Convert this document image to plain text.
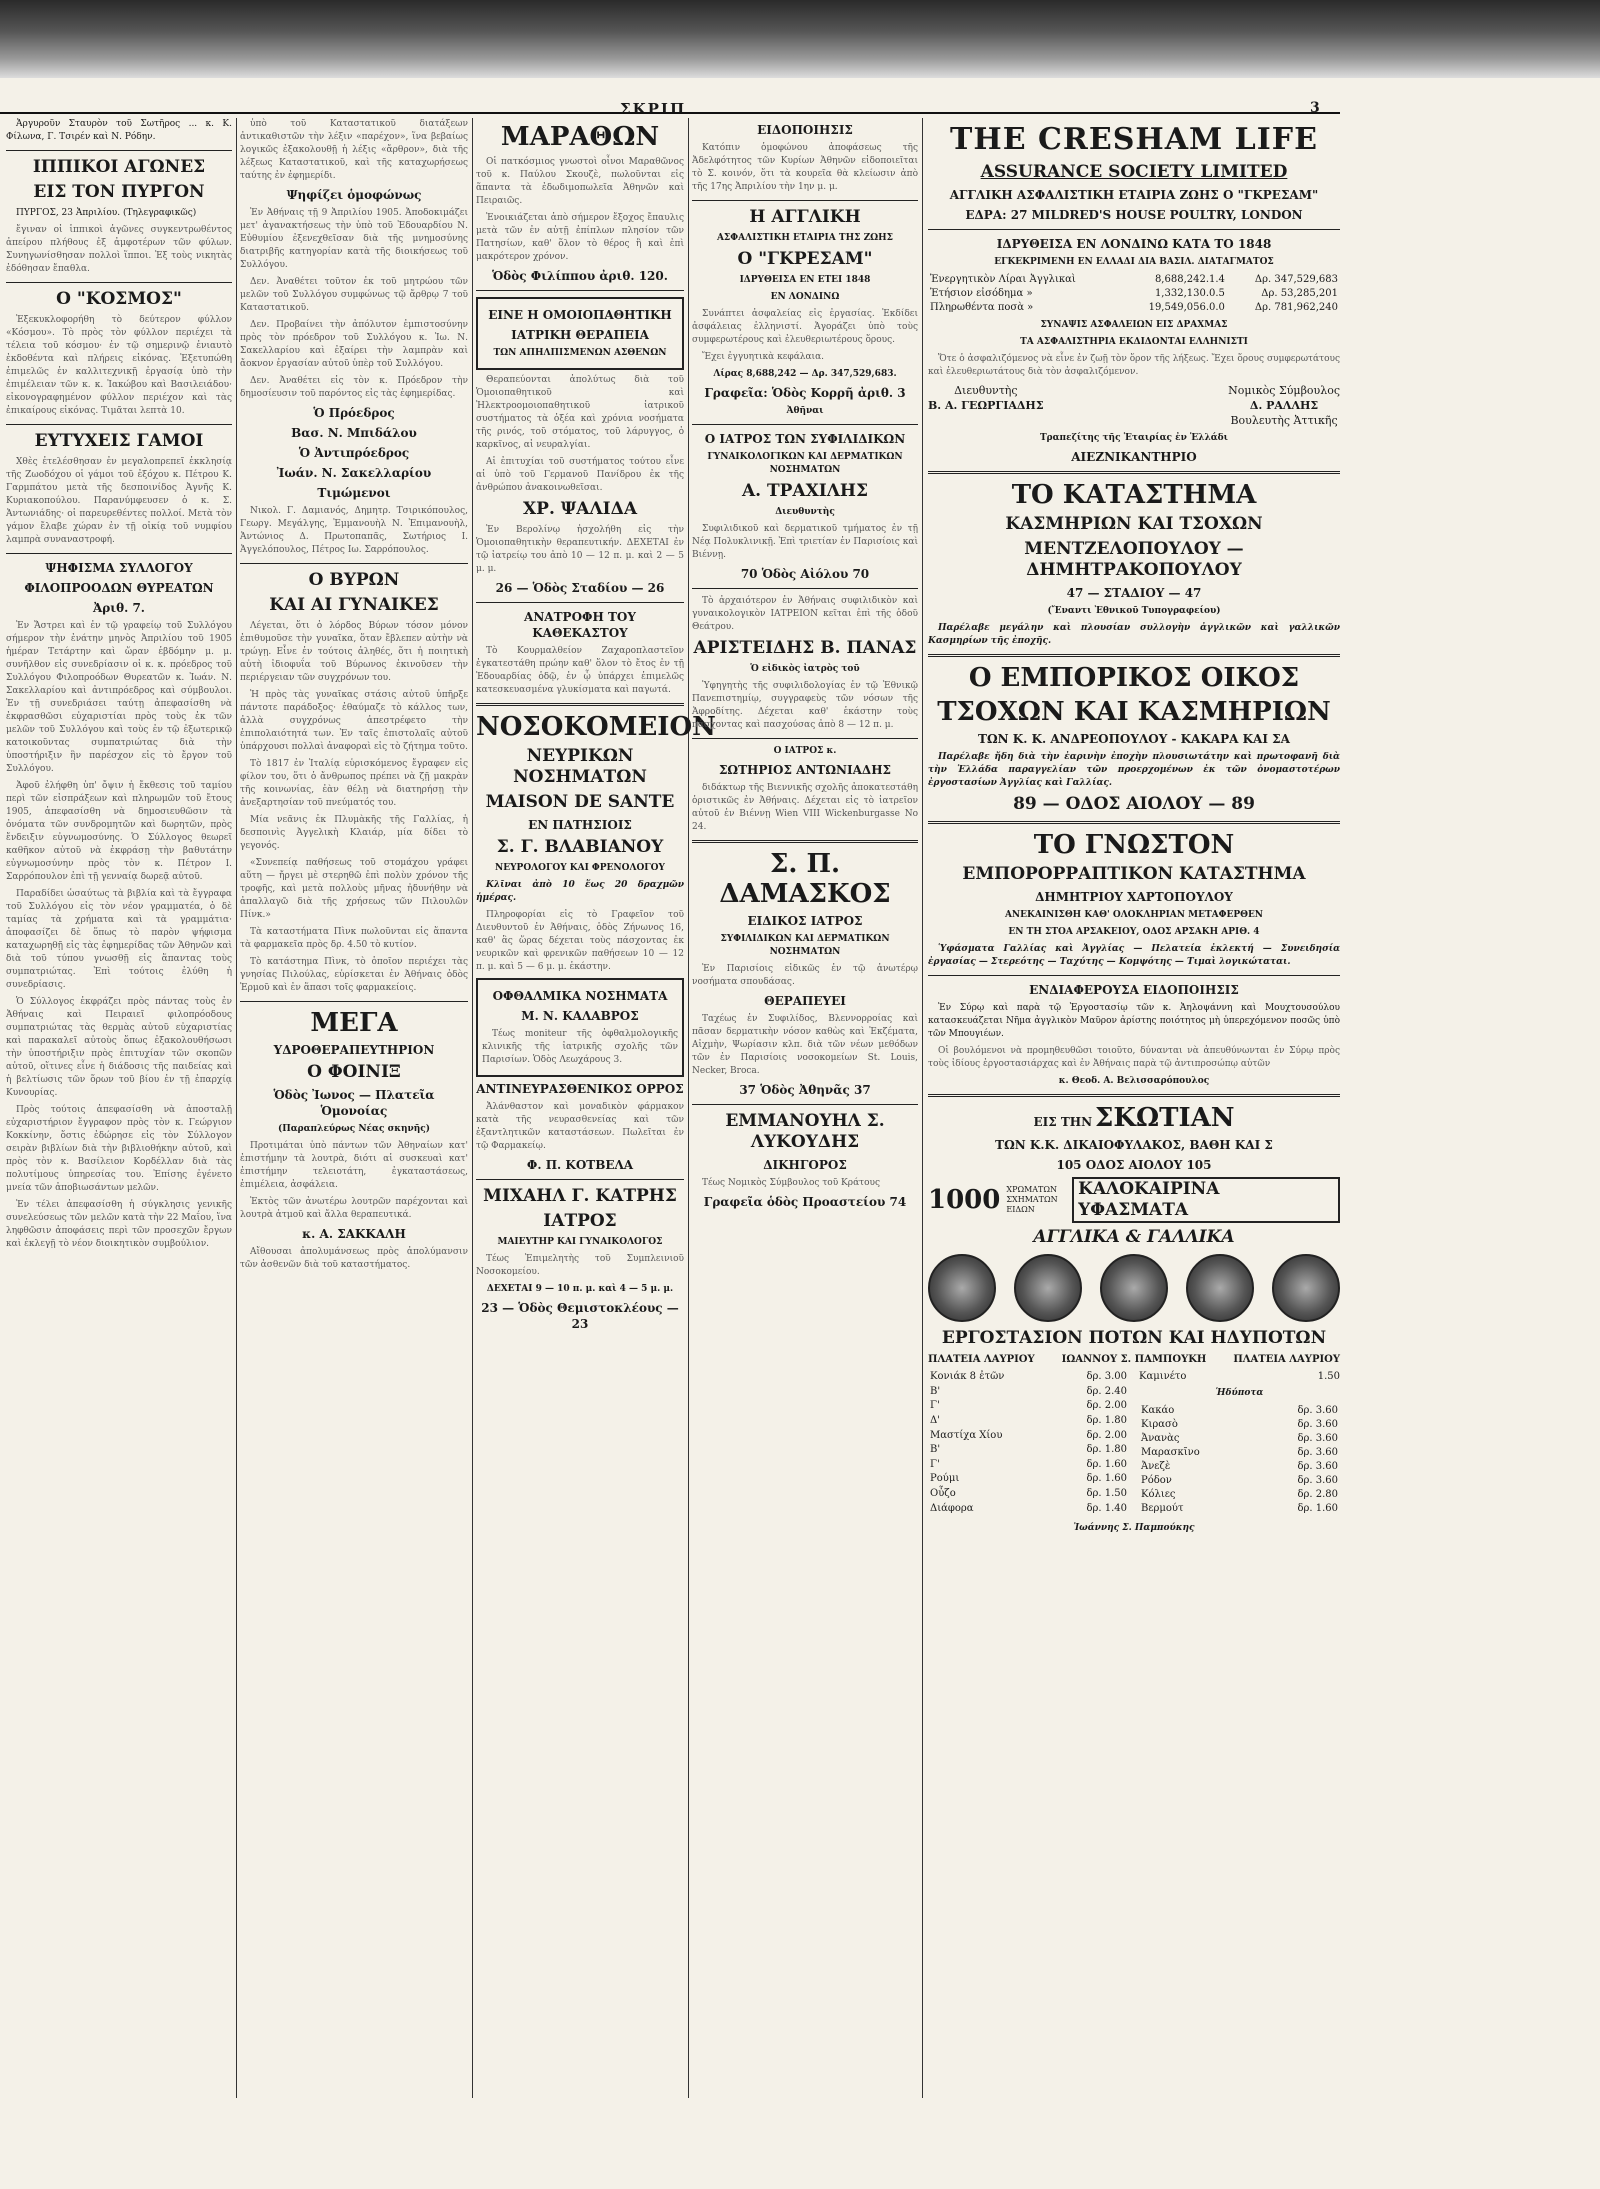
ΣΚΡΙΠ	3

Ἀργυροῦν Σταυρὸν τοῦ Σωτῆρος ... κ. Κ. Φίλωνα, Γ. Τσιρέν καὶ Ν. Ρόδην.

ΙΠΠΙΚΟΙ ΑΓΩΝΕΣ
ΕΙΣ ΤΟΝ ΠΥΡΓΟΝ

ΠΥΡΓΟΣ, 23 Ἀπριλίου. (Τηλεγραφικῶς)

ἔγιναν οἱ ἱππικοὶ ἀγῶνες συγκεντρωθέντος ἀπείρου πλήθους ἐξ ἀμφοτέρων τῶν φύλων. Συνηγωνίσθησαν πολλοὶ ἵπποι. Ἐξ τοὺς νικητὰς ἐδόθησαν ἔπαθλα.

Ο "ΚΟΣΜΟΣ"

Ἐξεκυκλοφορήθη τὸ δεύτερον φύλλον «Κόσμου». Τὸ πρὸς τὸν φύλλον περιέχει τὰ τέλεια τοῦ κόσμου· ἐν τῷ σημερινῷ ἐνιαυτὸ ἐκδοθέντα καὶ πλήρεις εἰκόνας. Ἐξετυπώθη ἐπιμελῶς ἐν καλλιτεχνικῇ ἐργασίᾳ ὑπὸ τὴν ἐπιμέλειαν τῶν κ. κ. Ἰακώβου καὶ Βασιλειάδου· εἰκονογραφημένον φύλλον περιέχον καὶ τὰς ἐπικαίρους εἰκόνας. Τιμᾶται λεπτὰ 10.

ΕΥΤΥΧΕΙΣ ΓΑΜΟΙ

Χθὲς ἐτελέσθησαν ἐν μεγαλοπρεπεῖ ἐκκλησίᾳ τῆς Ζωοδόχου οἱ γάμοι τοῦ ἐξόχου κ. Πέτρου Κ. Γαρμπάτου μετὰ τῆς δεσποινίδος Ἀγνῆς Κ. Κυριακοπούλου. Παρανύμφευσεν ὁ κ. Σ. Ἀντωνιάδης· οἱ παρευρεθέντες πολλοί. Μετὰ τὸν γάμον ἔλαβε χώραν ἐν τῇ οἰκίᾳ τοῦ νυμφίου λαμπρὰ συναναστροφή.

ΨΗΦΙΣΜΑ ΣΥΛΛΟΓΟΥ
ΦΙΛΟΠΡΟΟΔΩΝ ΘΥΡΕΑΤΩΝ
Ἀριθ. 7.

Ἐν Ἄστρει καὶ ἐν τῷ γραφείῳ τοῦ Συλλόγου σήμερον τὴν ἐνάτην μηνὸς Ἀπριλίου τοῦ 1905 ἡμέραν Τετάρτην καὶ ὥραν ἑβδόμην μ. μ. συνῆλθον εἰς συνεδρίασιν οἱ κ. κ. πρόεδρος τοῦ Συλλόγου Φιλοπροόδων Θυρεατῶν κ. Ἰωάν. Ν. Σακελλαρίου καὶ ἀντιπρόεδρος καὶ σύμβουλοι. Ἐν τῇ συνεδριάσει ταύτῃ ἀπεφασίσθη νὰ ἐκφρασθῶσι εὐχαριστίαι πρὸς τοὺς ἐκ τῶν μελῶν τοῦ Συλλόγου καὶ τοὺς ἐν τῷ ἐξωτερικῷ κατοικοῦντας συμπατριώτας διὰ τὴν ὑποστήριξιν ἣν παρέσχον εἰς τὸ ἔργον τοῦ Συλλόγου.

Ἀφοῦ ἐλήφθη ὑπ' ὄψιν ἡ ἔκθεσις τοῦ ταμίου περὶ τῶν εἰσπράξεων καὶ πληρωμῶν τοῦ ἔτους 1905, ἀπεφασίσθη νὰ δημοσιευθῶσιν τὰ ὀνόματα τῶν συνδρομητῶν καὶ δωρητῶν, πρὸς ἔνδειξιν εὐγνωμοσύνης. Ὁ Σύλλογος θεωρεῖ καθῆκον αὐτοῦ νὰ ἐκφράσῃ τὴν βαθυτάτην εὐγνωμοσύνην πρὸς τὸν κ. Πέτρον Ι. Σαρρόπουλον ἐπὶ τῇ γενναίᾳ δωρεᾷ αὐτοῦ.

Παραδίδει ὡσαύτως τὰ βιβλία καὶ τὰ ἔγγραφα τοῦ Συλλόγου εἰς τὸν νέον γραμματέα, ὁ δὲ ταμίας τὰ χρήματα καὶ τὰ γραμμάτια· ἀποφασίζει δὲ ὅπως τὸ παρὸν ψήφισμα καταχωρηθῇ εἰς τὰς ἐφημερίδας τῶν Ἀθηνῶν καὶ διὰ τοῦ τύπου γνωσθῇ εἰς ἅπαντας τοὺς συμπατριώτας. Ἐπὶ τούτοις ἐλύθη ἡ συνεδρίασις.

Ὁ Σύλλογος ἐκφράζει πρὸς πάντας τοὺς ἐν Ἀθήναις καὶ Πειραιεῖ φιλοπρόοδους συμπατριώτας τὰς θερμὰς αὐτοῦ εὐχαριστίας καὶ παρακαλεῖ αὐτοὺς ὅπως ἐξακολουθήσωσι τὴν ὑποστήριξιν πρὸς ἐπιτυχίαν τῶν σκοπῶν αὐτοῦ, οἵτινες εἶνε ἡ διάδοσις τῆς παιδείας καὶ ἡ βελτίωσις τῶν ὅρων τοῦ βίου ἐν τῇ ἐπαρχίᾳ Κυνουρίας.

Πρὸς τούτοις ἀπεφασίσθη νὰ ἀποσταλῇ εὐχαριστήριον ἔγγραφον πρὸς τὸν κ. Γεώργιον Κοκκίνην, ὅστις ἐδώρησε εἰς τὸν Σύλλογον σειρὰν βιβλίων διὰ τὴν βιβλιοθήκην αὐτοῦ, καὶ πρὸς τὸν κ. Βασίλειον Κορδέλλαν διὰ τὰς πολυτίμους ὑπηρεσίας του. Ἐπίσης ἐγένετο μνεία τῶν ἀποβιωσάντων μελῶν.

Ἐν τέλει ἀπεφασίσθη ἡ σύγκλησις γενικῆς συνελεύσεως τῶν μελῶν κατὰ τὴν 22 Μαΐου, ἵνα ληφθῶσιν ἀποφάσεις περὶ τῶν προσεχῶν ἔργων καὶ ἐκλεγῇ τὸ νέον διοικητικὸν συμβούλιον.

ὑπὸ τοῦ Καταστατικοῦ διατάξεων ἀντικαθιστῶν τὴν λέξιν «παρέχον», ἵνα βεβαίως λογικῶς ἐξακολουθῇ ἡ λέξις «ἄρθρον», διὰ τῆς λέξεως Καταστατικοῦ, καὶ τῆς καταχωρήσεως ταύτης ἐν ἐφημερίδι.

Ψηφίζει ὁμοφώνως

Ἐν Ἀθήναις τῇ 9 Ἀπριλίου 1905. Ἀποδοκιμάζει μετ' ἀγανακτήσεως τὴν ὑπὸ τοῦ Ἐδουαρδίου Ν. Εὐθυμίου ἐξενεχθεῖσαν διὰ τῆς μνημοσύνης διατριβῆς κατηγορίαν κατὰ τῆς διοικήσεως τοῦ Συλλόγου.

Δεν. Ἀναθέτει τοῦτον ἐκ τοῦ μητρώου τῶν μελῶν τοῦ Συλλόγου συμφώνως τῷ ἄρθρῳ 7 τοῦ Καταστατικοῦ.

Δεν. Προβαίνει τὴν ἀπόλυτον ἐμπιστοσύνην πρὸς τὸν πρόεδρον τοῦ Συλλόγου κ. Ἰω. Ν. Σακελλαρίου καὶ ἐξαίρει τὴν λαμπρὰν καὶ ἄοκνον ἐργασίαν αὐτοῦ ὑπὲρ τοῦ Συλλόγου.

Δεν. Ἀναθέτει εἰς τὸν κ. Πρόεδρον τὴν δημοσίευσιν τοῦ παρόντος εἰς τὰς ἐφημερίδας.

Ὁ Πρόεδρος
Βασ. Ν. Μπιδάλου
Ὁ Ἀντιπρόεδρος
Ἰωάν. Ν. Σακελλαρίου
Τιμώμενοι

Νικολ. Γ. Δαμιανός, Δημητρ. Τσιρικόπουλος, Γεωργ. Μεγάλγης, Ἐμμανουὴλ Ν. Ἐπιμανουὴλ, Ἀντώνιος Δ. Πρωτοπαπᾶς, Σωτήριος Ι. Ἀγγελόπουλος, Πέτρος Ιω. Σαρρόπουλος.

Ο ΒΥΡΩΝ
ΚΑΙ ΑΙ ΓΥΝΑΙΚΕΣ

Λέγεται, ὅτι ὁ λόρδος Βύρων τόσον μόνον ἐπιθυμοῦσε τὴν γυναῖκα, ὅταν ἔβλεπεν αὐτὴν νὰ τρώγῃ. Εἶνε ἐν τούτοις ἀληθές, ὅτι ἡ ποιητικὴ αὐτὴ ἰδιοφυΐα τοῦ Βύρωνος ἐκινοῦσεν τὴν περιέργειαν τῶν συγχρόνων του.

Ἡ πρὸς τὰς γυναῖκας στάσις αὐτοῦ ὑπῆρξε πάντοτε παράδοξος· ἐθαύμαζε τὸ κάλλος των, ἀλλὰ συγχρόνως ἀπεστρέφετο τὴν ἐπιπολαιότητά των. Ἐν ταῖς ἐπιστολαῖς αὐτοῦ ὑπάρχουσι πολλαὶ ἀναφοραὶ εἰς τὸ ζήτημα τοῦτο.

Τὸ 1817 ἐν Ἰταλίᾳ εὑρισκόμενος ἔγραφεν εἰς φίλον του, ὅτι ὁ ἄνθρωπος πρέπει νὰ ζῇ μακρὰν τῆς κοινωνίας, ἐὰν θέλῃ νὰ διατηρήσῃ τὴν ἀνεξαρτησίαν τοῦ πνεύματός του.

Μία νεᾶνις ἐκ Πλυμὰκῆς τῆς Γαλλίας, ἡ δεσποινὶς Ἀγγελικὴ Κλαιάρ, μία δίδει τὸ γεγονός.

«Συνεπείᾳ παθήσεως τοῦ στομάχου γράφει αὕτη — ἤργει μὲ στερηθῶ ἐπὶ πολὺν χρόνον τῆς τροφῆς, καὶ μετὰ πολλοὺς μῆνας ἠδυνήθην νὰ ἀπαλλαγῶ διὰ τῆς χρήσεως τῶν Πιλουλῶν Πίνκ.»

Τὰ καταστήματα Πὶνκ πωλοῦνται εἰς ἅπαντα τὰ φαρμακεῖα πρὸς δρ. 4.50 τὸ κυτίον.

Τὸ κατάστημα Πὶνκ, τὸ ὁποῖον περιέχει τὰς γνησίας Πιλούλας, εὑρίσκεται ἐν Ἀθήναις ὁδὸς Ἑρμοῦ καὶ ἐν ἅπασι τοῖς φαρμακείοις.

ΜΕΓΑ
ΥΔΡΟΘΕΡΑΠΕΥΤΗΡΙΟΝ
Ο ΦΟΙΝΙΞ
Ὁδὸς Ἰωνος — Πλατεῖα Ὁμονοίας
(Παραπλεύρως Νέας σκηνῆς)

Προτιμάται ὑπὸ πάντων τῶν Ἀθηναίων κατ' ἐπιστήμην τὰ λουτρὰ, διότι αἱ συσκευαὶ κατ' ἐπιστήμην τελειοτάτη, ἐγκαταστάσεως, ἐπιμέλεια, ἀσφάλεια.

Ἐκτὸς τῶν ἀνωτέρω λουτρῶν παρέχονται καὶ λουτρὰ ἀτμοῦ καὶ ἄλλα θεραπευτικά.

κ. Α. ΣΑΚΚΑΛΗ

Αἴθουσαι ἀπολυμάνσεως πρὸς ἀπολύμανσιν τῶν ἀσθενῶν διὰ τοῦ καταστήματος.

ΜΑΡΑΘΩΝ

Οἱ πατκόσμιος γνωστοὶ οἶνοι Μαραθῶνος τοῦ κ. Παύλου Σκουζὲ, πωλοῦνται εἰς ἅπαντα τὰ ἐδωδιμοπωλεῖα Ἀθηνῶν καὶ Πειραιῶς.

Ἐνοικιάζεται ἀπὸ σήμερον ἔξοχος ἔπαυλις μετὰ τῶν ἐν αὐτῇ ἐπίπλων πλησίον τῶν Πατησίων, καθ' ὅλον τὸ θέρος ἢ καὶ ἐπὶ μακρότερον χρόνον.

Ὁδὸς Φιλίππου ἀριθ. 120.
ΕΙΝΕ Η ΟΜΟΙΟΠΑΘΗΤΙΚΗ
ΙΑΤΡΙΚΗ ΘΕΡΑΠΕΙΑ
ΤΩΝ ΑΠΗΛΠΙΣΜΕΝΩΝ ΑΣΘΕΝΩΝ

Θεραπεύονται ἀπολύτως διὰ τοῦ Ὁμοιοπαθητικοῦ καὶ Ἠλεκτροομοιοπαθητικοῦ ἰατρικοῦ συστήματος τὰ ὀξέα καὶ χρόνια νοσήματα τῆς ρινός, τοῦ στόματος, τοῦ λάρυγγος, ὁ καρκῖνος, αἱ νευραλγίαι.

Αἱ ἐπιτυχίαι τοῦ συστήματος τούτου εἶνε αἱ ὑπὸ τοῦ Γερμανοῦ Πανίδρου ἐκ τῆς ἀνθρώπου ἀνακοινωθεῖσαι.

ΧΡ. ΨΑΛΙΔΑ

Ἐν Βερολίνῳ ἠσχολήθη εἰς τὴν Ὁμοιοπαθητικὴν θεραπευτικήν. ΔΕΧΕΤΑΙ ἐν τῷ ἰατρείῳ του ἀπὸ 10 — 12 π. μ. καὶ 2 — 5 μ. μ.

26 — Ὁδὸς Σταδίου — 26
ΑΝΑΤΡΟΦΗ ΤΟΥ ΚΑΘΕΚΑΣΤΟΥ

Τὸ Κουρμαλθείον Ζαχαροπλαστεῖον ἐγκατεστάθη πρώην καθ' ὅλον τὸ ἔτος ἐν τῇ Ἐδουαρδίας ὁδῷ, ἐν ᾧ ὑπάρχει ἐπιμελῶς κατεσκευασμένα γλυκίσματα καὶ παγωτά.

ΝΟΣΟΚΟΜΕΙΟΝ
ΝΕΥΡΙΚΩΝ ΝΟΣΗΜΑΤΩΝ
MAISON DE SANTE
ΕΝ ΠΑΤΗΣΙΟΙΣ
Σ. Γ. ΒΛΑΒΙΑΝΟΥ
ΝΕΥΡΟΛΟΓΟΥ ΚΑΙ ΦΡΕΝΟΛΟΓΟΥ

Κλῖναι ἀπὸ 10 ἕως 20 δραχμῶν ἡμέρας.

Πληροφορίαι εἰς τὸ Γραφεῖον τοῦ Διευθυντοῦ ἐν Ἀθήναις, ὁδὸς Ζήνωνος 16, καθ' ἃς ὥρας δέχεται τοὺς πάσχοντας ἐκ νευρικῶν καὶ φρενικῶν παθήσεων 10 — 12 π. μ. καὶ 5 — 6 μ. μ. ἑκάστην.

ΟΦΘΑΛΜΙΚΑ ΝΟΣΗΜΑΤΑ
Μ. Ν. ΚΑΛΑΒΡΟΣ

Τέως moniteur τῆς ὀφθαλμολογικῆς κλινικῆς τῆς ἰατρικῆς σχολῆς τῶν Παρισίων. Ὁδὸς Λεωχάρους 3.

ΑΝΤΙΝΕΥΡΑΣΘΕΝΙΚΟΣ ΟΡΡΟΣ

Ἀλάνθαστον καὶ μοναδικὸν φάρμακον κατὰ τῆς νευρασθενείας καὶ τῶν ἐξαντλητικῶν καταστάσεων. Πωλεῖται ἐν τῷ Φαρμακείῳ.

Φ. Π. ΚΟΤΒΕΛΑ
ΜΙΧΑΗΛ Γ. ΚΑΤΡΗΣ
ΙΑΤΡΟΣ
ΜΑΙΕΥΤΗΡ ΚΑΙ ΓΥΝΑΙΚΟΛΟΓΟΣ

Τέως Ἐπιμελητὴς τοῦ Συμπλεινιοῦ Νοσοκομείου.

ΔΕΧΕΤΑΙ 9 — 10 π. μ. καὶ 4 — 5 μ. μ.
23 — Ὁδὸς Θεμιστοκλέους — 23
ΕΙΔΟΠΟΙΗΣΙΣ

Κατόπιν ὁμοφώνου ἀποφάσεως τῆς Ἀδελφότητος τῶν Κυρίων Ἀθηνῶν εἰδοποιεῖται τὸ Σ. κοινόν, ὅτι τὰ κουρεῖα θὰ κλείωσιν ἀπὸ τῆς 17ης Ἀπριλίου τὴν 1ην μ. μ.

Η ΑΓΓΛΙΚΗ
ΑΣΦΑΛΙΣΤΙΚΗ ΕΤΑΙΡΙΑ ΤΗΣ ΖΩΗΣ
Ο "ΓΚΡΕΣΑΜ"
ΙΔΡΥΘΕΙΣΑ ΕΝ ΕΤΕΙ 1848
ΕΝ ΛΟΝΔΙΝΩ

Συνάπτει ἀσφαλείας εἰς ἐργασίας. Ἐκδίδει ἀσφάλειας ἑλληνιστί. Ἀγοράζει ὑπὸ τοὺς συμφερωτέρους καὶ ἐλευθεριωτέρους ὅρους.

Ἔχει ἐγγυητικὰ κεφάλαια.

Λίρας 8,688,242 — Δρ. 347,529,683.
Γραφεῖα: Ὁδὸς Κορρῆ ἀριθ. 3
Ἀθῆναι
Ο ΙΑΤΡΟΣ ΤΩΝ ΣΥΦΙΛΙΔΙΚΩΝ
ΓΥΝΑΙΚΟΛΟΓΙΚΩΝ ΚΑΙ ΔΕΡΜΑΤΙΚΩΝ ΝΟΣΗΜΑΤΩΝ
Α. ΤΡΑΧΙΛΗΣ
Διευθυντὴς

Συφιλιδικοῦ καὶ δερματικοῦ τμήματος ἐν τῇ Νέᾳ Πολυκλινικῇ. Ἐπὶ τριετίαν ἐν Παρισίοις καὶ Βιέννῃ.

70 Ὁδὸς Αἰόλου 70

Τὸ ἀρχαιότερον ἐν Ἀθήναις συφιλιδικὸν καὶ γυναικολογικὸν ΙΑΤΡΕΙΟΝ κεῖται ἐπὶ τῆς ὁδοῦ Θεάτρου.

ΑΡΙΣΤΕΙΔΗΣ Β. ΠΑΝΑΣ
Ὁ εἰδικὸς ἰατρὸς τοῦ

Ὑφηγητὴς τῆς συφιλιδολογίας ἐν τῷ Ἐθνικῷ Πανεπιστημίῳ, συγγραφεὺς τῶν νόσων τῆς Ἀφροδίτης. Δέχεται καθ' ἑκάστην τοὺς πάσχοντας καὶ πασχούσας ἀπὸ 8 — 12 π. μ.

Ο ΙΑΤΡΟΣ κ.
ΣΩΤΗΡΙΟΣ ΑΝΤΩΝΙΑΔΗΣ

διδάκτωρ τῆς Βιεννικῆς σχολῆς ἀποκατεστάθη ὁριστικῶς ἐν Ἀθήναις. Δέχεται εἰς τὸ ἰατρεῖον αὐτοῦ ἐν Βιέννῃ Wien VIII Wickenburgasse No 24.

Σ. Π. ΔΑΜΑΣΚΟΣ
ΕΙΔΙΚΟΣ ΙΑΤΡΟΣ
ΣΥΦΙΛΙΔΙΚΩΝ ΚΑΙ ΔΕΡΜΑΤΙΚΩΝ ΝΟΣΗΜΑΤΩΝ

Ἐν Παρισίοις εἰδικῶς ἐν τῷ ἀνωτέρῳ νοσήματα σπουδάσας.

ΘΕΡΑΠΕΥΕΙ

Ταχέως ἐν Συφιλίδος, Βλεννορροίας καὶ πᾶσαν δερματικὴν νόσον καθὼς καὶ Ἐκζέματα, Αἰχμὴν, Ψωρίασιν κλπ. διὰ τῶν νέων μεθόδων τῶν ἐν Παρισίοις νοσοκομείων St. Louis, Necker, Broca.

37 Ὁδὸς Ἀθηνᾶς 37
ΕΜΜΑΝΟΥΗΛ Σ. ΛΥΚΟΥΔΗΣ
ΔΙΚΗΓΟΡΟΣ

Τέως Νομικὸς Σύμβουλος τοῦ Κράτους

Γραφεῖα ὁδὸς Προαστείου 74
THE CRESHAM LIFE
ASSURANCE SOCIETY LIMITED
ΑΓΓΛΙΚΗ ΑΣΦΑΛΙΣΤΙΚΗ ΕΤΑΙΡΙΑ ΖΩΗΣ Ο "ΓΚΡΕΣΑΜ"
ΕΔΡΑ: 27 MILDRED'S HOUSE POULTRY, LONDON
ΙΔΡΥΘΕΙΣΑ ΕΝ ΛΟΝΔΙΝΩ ΚΑΤΑ ΤΟ 1848
ΕΓΚΕΚΡΙΜΕΝΗ ΕΝ ΕΛΛΑΔΙ ΔΙΑ ΒΑΣΙΛ. ΔΙΑΤΑΓΜΑΤΟΣ
Ἐνεργητικὸν Λίραι Ἀγγλικαὶ	8,688,242.1.4	Δρ. 347,529,683
Ἐτήσιον εἰσόδημα »	1,332,130.0.5	Δρ. 53,285,201
Πληρωθέντα ποσὰ »	19,549,056.0.0	Δρ. 781,962,240
ΣΥΝΑΨΙΣ ΑΣΦΑΛΕΙΩΝ ΕΙΣ ΔΡΑΧΜΑΣ
ΤΑ ΑΣΦΑΛΙΣΤΗΡΙΑ ΕΚΔΙΔΟΝΤΑΙ ΕΛΛΗΝΙΣΤΙ

Ὅτε ὁ ἀσφαλιζόμενος νὰ εἶνε ἐν ζωῇ τὸν ὅρον τῆς λήξεως. Ἔχει ὅρους συμφερωτάτους καὶ ἐλευθεριωτάτους διὰ τὸν ἀσφαλιζόμενον.

Διευθυντὴς
Β. Α. ΓΕΩΡΓΙΑΔΗΣ
Νομικὸς Σύμβουλος
Δ. ΡΑΛΛΗΣ
Βουλευτὴς Ἀττικῆς
Τραπεζίτης τῆς Ἑταιρίας ἐν Ἑλλάδι
ΑΙΕΖΝΙΚΑΝΤΗΡΙΟ
ΤΟ ΚΑΤΑΣΤΗΜΑ
ΚΑΣΜΗΡΙΩΝ ΚΑΙ ΤΣΟΧΩΝ
ΜΕΝΤΖΕΛΟΠΟΥΛΟΥ — ΔΗΜΗΤΡΑΚΟΠΟΥΛΟΥ
47 — ΣΤΑΔΙΟΥ — 47
(Ἔναντι Ἐθνικοῦ Τυπογραφείου)

Παρέλαβε μεγάλην καὶ πλουσίαν συλλογὴν ἀγγλικῶν καὶ γαλλικῶν Κασμηρίων τῆς ἐποχῆς.

Ο ΕΜΠΟΡΙΚΟΣ ΟΙΚΟΣ
ΤΣΟΧΩΝ ΚΑΙ ΚΑΣΜΗΡΙΩΝ
ΤΩΝ Κ. Κ. ΑΝΔΡΕΟΠΟΥΛΟΥ - ΚΑΚΑΡΑ ΚΑΙ ΣΑ

Παρέλαβε ἤδη διὰ τὴν ἐαρινὴν ἐποχὴν πλουσιωτάτην καὶ πρωτοφανῆ διὰ τὴν Ἑλλάδα παραγγελίαν τῶν προερχομένων ἐκ τῶν ὀνομαστοτέρων ἐργοστασίων Ἀγγλίας καὶ Γαλλίας.

89 — ΟΔΟΣ ΑΙΟΛΟΥ — 89
ΤΟ ΓΝΩΣΤΟΝ
ΕΜΠΟΡΟΡΡΑΠΤΙΚΟΝ ΚΑΤΑΣΤΗΜΑ
ΔΗΜΗΤΡΙΟΥ ΧΑΡΤΟΠΟΥΛΟΥ
ΑΝΕΚΑΙΝΙΣΘΗ ΚΑΘ' ΟΛΟΚΛΗΡΙΑΝ ΜΕΤΑΦΕΡΘΕΝ
ΕΝ ΤΗ ΣΤΟΑ ΑΡΣΑΚΕΙΟΥ, ΟΔΟΣ ΑΡΣΑΚΗ ΑΡΙΘ. 4

Ὑφάσματα Γαλλίας καὶ Ἀγγλίας — Πελατεία ἐκλεκτή — Συνειδησία ἐργασίας — Στερεότης — Ταχύτης — Κομψότης — Τιμαὶ λογικώταται.

ΕΝΔΙΑΦΕΡΟΥΣΑ ΕΙΔΟΠΟΙΗΣΙΣ

Ἐν Σύρῳ καὶ παρὰ τῷ Ἐργοστασίῳ τῶν κ. Ἀηλοψάννη καὶ Μουχτουσούλου κατασκευάζεται Νῆμα ἀγγλικὸν Μαῦρον ἀρίστης ποιότητος μὴ ὑπερεχόμενον ποσῶς ὑπὸ τῶν Μπουγιέων.

Οἱ βουλόμενοι νὰ προμηθευθῶσι τοιοῦτο, δύνανται νὰ ἀπευθύνωνται ἐν Σύρῳ πρὸς τοὺς ἰδίους ἐργοστασιάρχας καὶ ἐν Ἀθήναις παρὰ τῷ ἀντιπροσώπῳ αὐτῶν

κ. Θεοδ. Α. Βελισσαρόπουλος
ΕΙΣ ΤΗΝ ΣΚΩΤΙΑΝ
ΤΩΝ Κ.Κ. ΔΙΚΑΙΟΦΥΛΑΚΟΣ, ΒΑΘΗ ΚΑΙ Σ
105 ΟΔΟΣ ΑΙΟΛΟΥ 105
1000 ΧΡΩΜΑΤΩΝ ΣΧΗΜΑΤΩΝ ΕΙΔΩΝ
ΚΑΛΟΚΑΙΡΙΝΑ ΥΦΑΣΜΑΤΑ
ΑΓΓΛΙΚΑ & ΓΑΛΛΙΚΑ
ΕΡΓΟΣΤΑΣΙΟΝ ΠΟΤΩΝ ΚΑΙ ΗΔΥΠΟΤΩΝ
ΠΛΑΤΕΙΑ ΛΑΥΡΙΟΥ	ΙΩΑΝΝΟΥ Σ. ΠΑΜΠΟΥΚΗ	ΠΛΑΤΕΙΑ ΛΑΥΡΙΟΥ
Κονιάκ 8 ἐτῶν	δρ. 3.00
Β'	δρ. 2.40
Γ'	δρ. 2.00
Δ'	δρ. 1.80
Μαστίχα Χίου	δρ. 2.00
Β'	δρ. 1.80
Γ'	δρ. 1.60
Ρούμι	δρ. 1.60
Οὖζο	δρ. 1.50
Διάφορα	δρ. 1.40
Καμινέτο	1.50
Ἡδύποτα
Κακάο	δρ. 3.60
Κιρασὸ	δρ. 3.60
Ἀνανὰς	δρ. 3.60
Μαρασκῖνο	δρ. 3.60
Ἀνεζὲ	δρ. 3.60
Ρόδον	δρ. 3.60
Κόλιες	δρ. 2.80
Βερμούτ	δρ. 1.60
Ἰωάννης Σ. Παμπούκης
